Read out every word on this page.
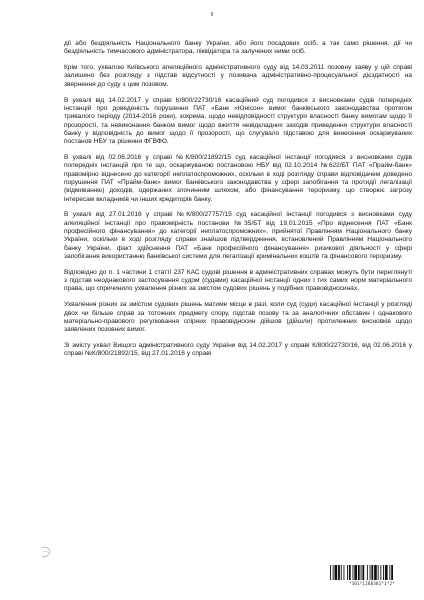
9

дії або бездіяльність Національного банку України, або його посадових осіб, а так само рішення, дії чи бездіяльність тимчасового адміністратора, ліквідатора та залучених ними осіб.

Крім того, ухвалою Київського апеляційного адміністративного суду від 14.03.2011 позовну заяву у цій справі залишено без розгляду з підстав відсутності у позивача адміністративно-процесуальної дієздатності на звернення до суду з цим позовом.

В ухвалі від 14.02.2017 у справі К/800/22730/16 касаційний суд погодився з висновками судів попередніх інстанцій про доведеність порушення ПАТ «Банк «Юнісон» вимог банківського законодавства протягом тривалого періоду (2014-2016 роки), зокрема, щодо невідповідності структури власності банку вимогам щодо її прозорості, та невиконання банком вимог щодо вжиття невідкладних заходів приведення структури власності банку у відповідність до вимог щодо її прозорості, що слугувало підставою для винесення оскаржуваних постанов НБУ та рішення ФГВФО.

В ухвалі від 02.06.2016 у справі №К/800/21892/15 суд касаційної інстанції погодився з висновками судів попередніх інстанцій про те що, оскаржуваною постановою НБУ від 02.10.2014 №622/БТ ПАТ «Прайм-банк» правомірно віднесено до категорії неплатоспроможних, оскільки в ході розгляду справи відповідачем доведено порушення ПАТ «Прайм-банк» вимог банківського законодавства у сфері запобігання та протидії легалізації (відмиванню) доходів, одержаних злочинним шляхом, або фінансування тероризму, що створює загрозу інтересам вкладників чи інших кредиторів банку.

В ухвалі від 27.01.2016 у справі №К/800/27757/15 суд касаційної інстанції погодився з висновками суду апеляційної інстанції про правомірність постанови №35/БТ від 19.01.2015 «Про віднесення ПАТ «Банк професійного фінансування» до категорії неплатоспроможних», прийнятої Правлінням Національного банку України, оскільки в ході розгляду справи знайшов підтвердження, встановлений Правлінням Національного банку України, факт здійснення ПАТ «Банк професійного фінансування» ризикової діяльності у сфері запобігання використанню банківської системи для легалізації кримінальних коштів та фінансового тероризму.

Відповідно до п. 1 частини 1 статті 237 КАС судові рішення в адміністративних справах можуть бути переглянуті з підстав неоднакового застосування судом (судами) касаційної інстанції одних і тих самих норм матеріального права, що спричинило ухвалення різних за змістом судових рішень у подібних правовідносинах.

Ухвалення різних за змістом судових рішень матиме місце в разі, коли суд (суди) касаційної інстанції у розгляді двох чи більше справ за тотожних предмету спору, підстав позову та за аналогічних обставин і однакового матеріально-правового регулювання спірних правовідносин дійшов (дійшли) протилежних висновків щодо заявлених позовних вимог.

Зі змісту ухвал Вищого адміністративного суду України від 14.02.2017 у справі К/800/22730/16, від 02.06.2016 у справі №К/800/21892/15, від 27.01.2016 у справі

*301*1208381*1*2*
